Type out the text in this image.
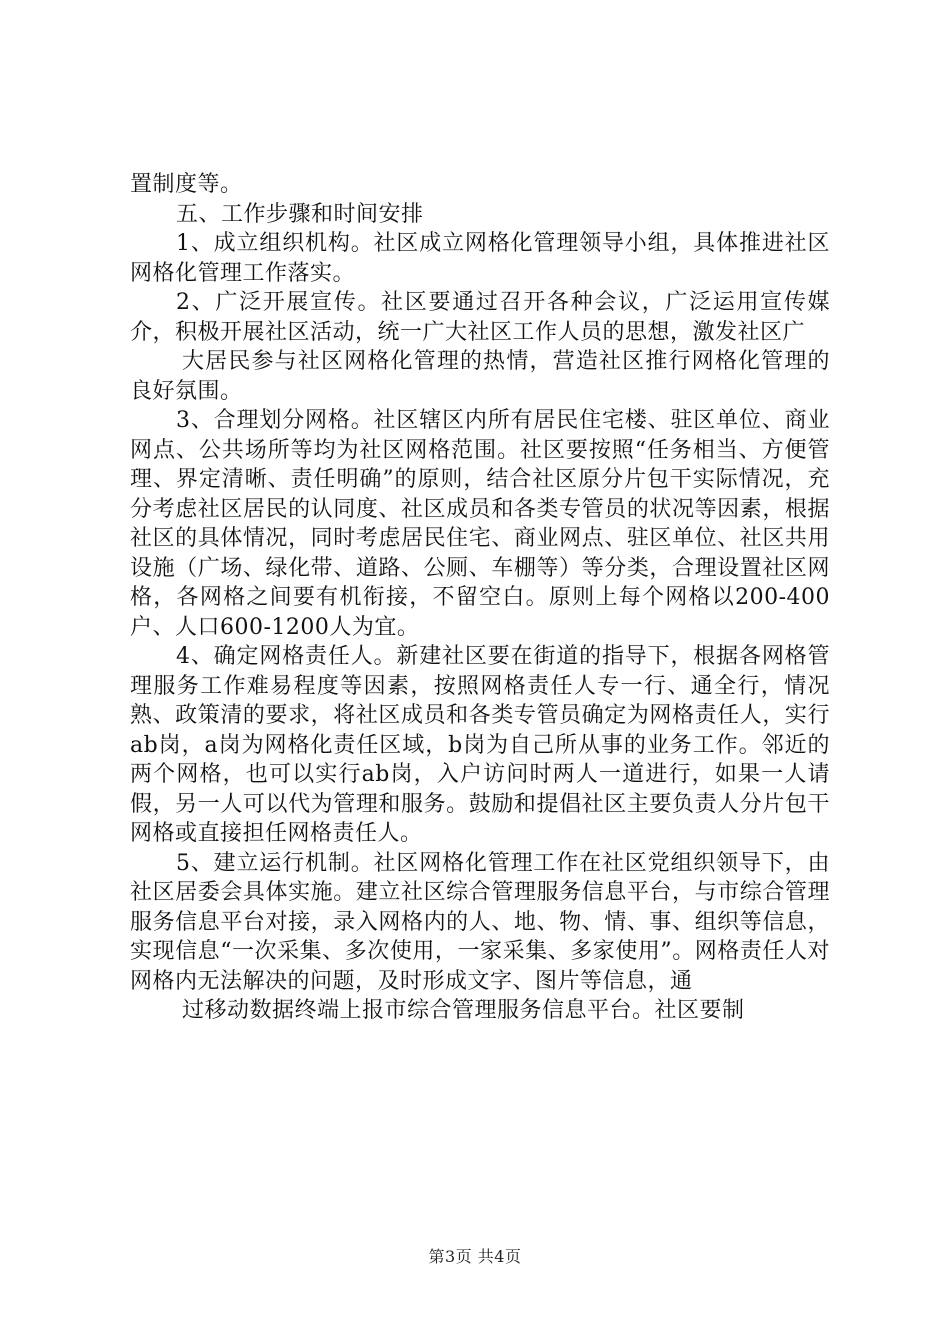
置制度等。

五、工作步骤和时间安排

1、成立组织机构。社区成立网格化管理领导小组，具体推进社区网格化管理工作落实。

2、广泛开展宣传。社区要通过召开各种会议，广泛运用宣传媒介，积极开展社区活动，统一广大社区工作人员的思想，激发社区广

大居民参与社区网格化管理的热情，营造社区推行网格化管理的良好氛围。

3、合理划分网格。社区辖区内所有居民住宅楼、驻区单位、商业网点、公共场所等均为社区网格范围。社区要按照“任务相当、方便管理、界定清晰、责任明确”的原则，结合社区原分片包干实际情况，充分考虑社区居民的认同度、社区成员和各类专管员的状况等因素，根据社区的具体情况，同时考虑居民住宅、商业网点、驻区单位、社区共用设施（广场、绿化带、道路、公厕、车棚等）等分类，合理设置社区网格，各网格之间要有机衔接，不留空白。原则上每个网格以200-400户、人口600-1200人为宜。

4、确定网格责任人。新建社区要在街道的指导下，根据各网格管理服务工作难易程度等因素，按照网格责任人专一行、通全行，情况熟、政策清的要求，将社区成员和各类专管员确定为网格责任人，实行ab岗，a岗为网格化责任区域，b岗为自己所从事的业务工作。邻近的两个网格，也可以实行ab岗，入户访问时两人一道进行，如果一人请假，另一人可以代为管理和服务。鼓励和提倡社区主要负责人分片包干网格或直接担任网格责任人。

5、建立运行机制。社区网格化管理工作在社区党组织领导下，由社区居委会具体实施。建立社区综合管理服务信息平台，与市综合管理服务信息平台对接，录入网格内的人、地、物、情、事、组织等信息，实现信息“一次采集、多次使用，一家采集、多家使用”。网格责任人对网格内无法解决的问题，及时形成文字、图片等信息，通

过移动数据终端上报市综合管理服务信息平台。社区要制

第3页 共4页
